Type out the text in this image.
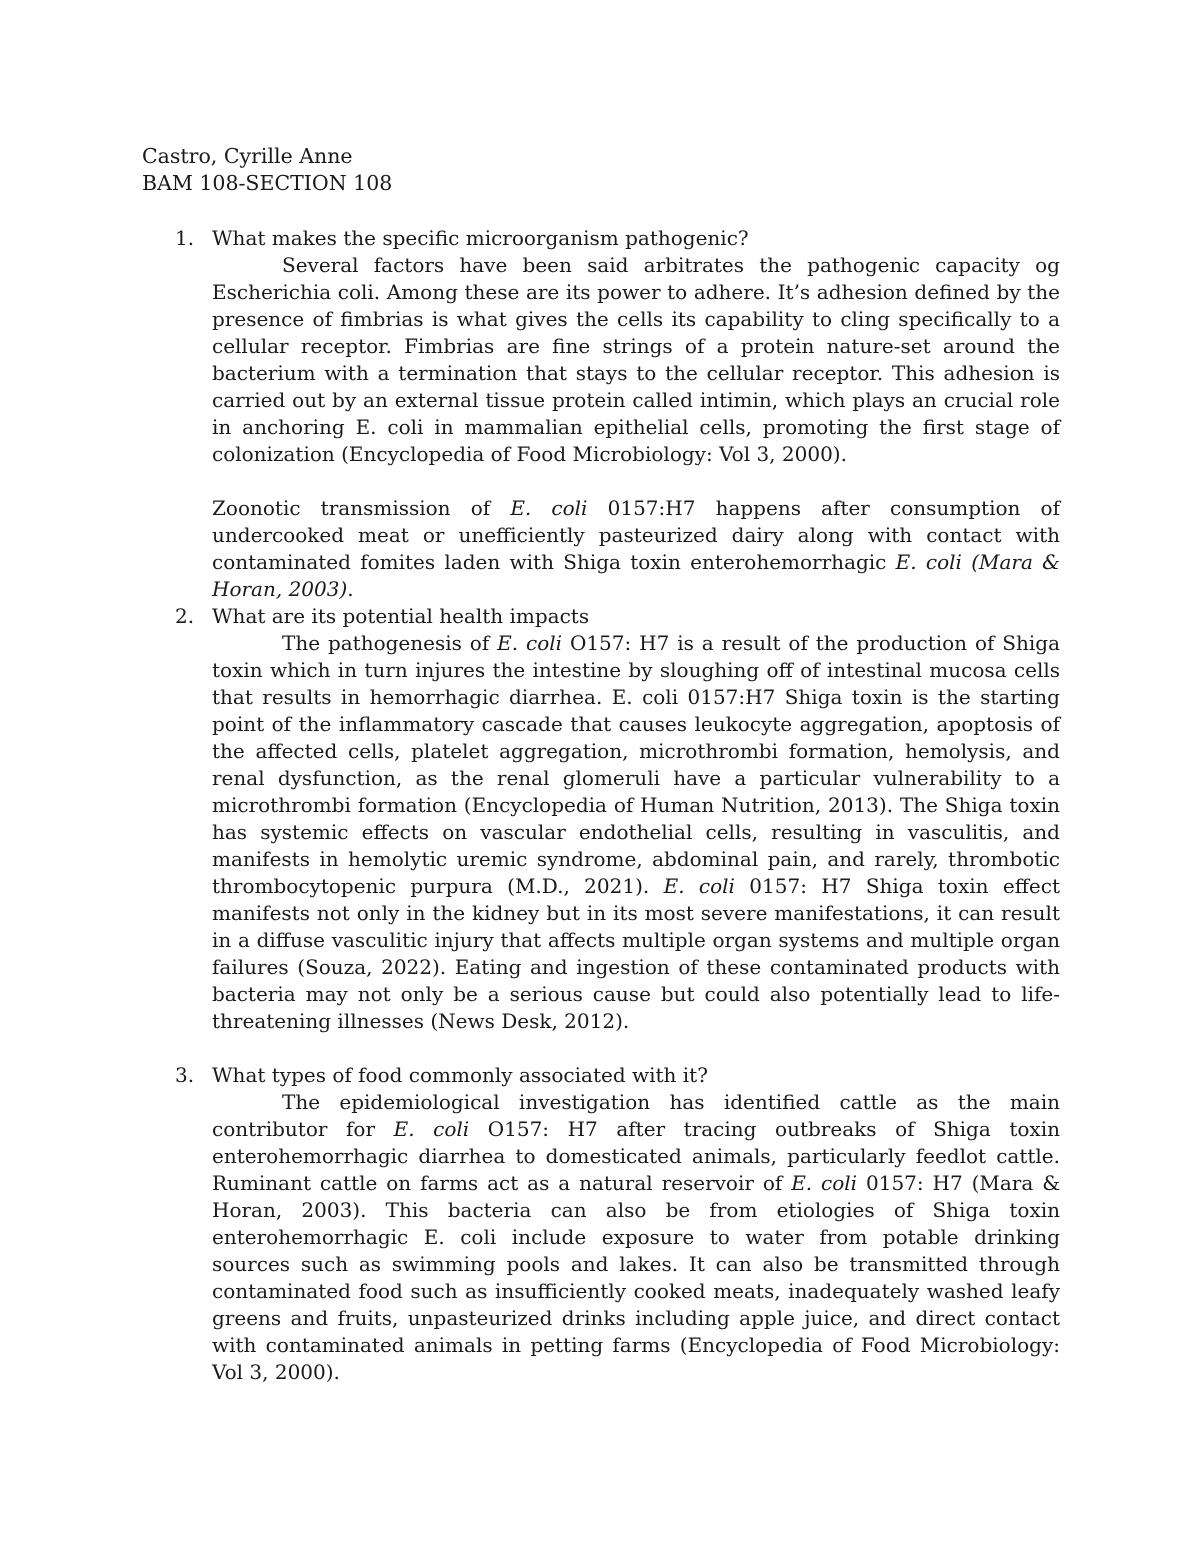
Castro, Cyrille Anne
BAM 108-SECTION 108
1. What makes the specific microorganism pathogenic?

Several factors have been said arbitrates the pathogenic capacity og Escherichia coli. Among these are its power to adhere. It’s adhesion defined by the presence of fimbrias is what gives the cells its capability to cling specifically to a cellular receptor. Fimbrias are fine strings of a protein nature-set around the bacterium with a termination that stays to the cellular receptor. This adhesion is carried out by an external tissue protein called intimin, which plays an crucial role in anchoring E. coli in mammalian epithelial cells, promoting the first stage of colonization (Encyclopedia of Food Microbiology: Vol 3, 2000).

Zoonotic transmission of E. coli 0157:H7 happens after consumption of undercooked meat or unefficiently pasteurized dairy along with contact with contaminated fomites laden with Shiga toxin enterohemorrhagic E. coli (Mara & Horan, 2003).

2. What are its potential health impacts

The pathogenesis of E. coli O157: H7 is a result of the production of Shiga toxin which in turn injures the intestine by sloughing off of intestinal mucosa cells that results in hemorrhagic diarrhea. E. coli 0157:H7 Shiga toxin is the starting point of the inflammatory cascade that causes leukocyte aggregation, apoptosis of the affected cells, platelet aggregation, microthrombi formation, hemolysis, and renal dysfunction, as the renal glomeruli have a particular vulnerability to a microthrombi formation (Encyclopedia of Human Nutrition, 2013). The Shiga toxin has systemic effects on vascular endothelial cells, resulting in vasculitis, and manifests in hemolytic uremic syndrome, abdominal pain, and rarely, thrombotic thrombocytopenic purpura (M.D., 2021). E. coli 0157: H7 Shiga toxin effect manifests not only in the kidney but in its most severe manifestations, it can result in a diffuse vasculitic injury that affects multiple organ systems and multiple organ failures (Souza, 2022). Eating and ingestion of these contaminated products with bacteria may not only be a serious cause but could also potentially lead to life-threatening illnesses (News Desk, 2012).

3. What types of food commonly associated with it?

The epidemiological investigation has identified cattle as the main contributor for E. coli O157: H7 after tracing outbreaks of Shiga toxin enterohemorrhagic diarrhea to domesticated animals, particularly feedlot cattle. Ruminant cattle on farms act as a natural reservoir of E. coli 0157: H7 (Mara & Horan, 2003). This bacteria can also be from etiologies of Shiga toxin enterohemorrhagic E. coli include exposure to water from potable drinking sources such as swimming pools and lakes. It can also be transmitted through contaminated food such as insufficiently cooked meats, inadequately washed leafy greens and fruits, unpasteurized drinks including apple juice, and direct contact with contaminated animals in petting farms (Encyclopedia of Food Microbiology: Vol 3, 2000).
